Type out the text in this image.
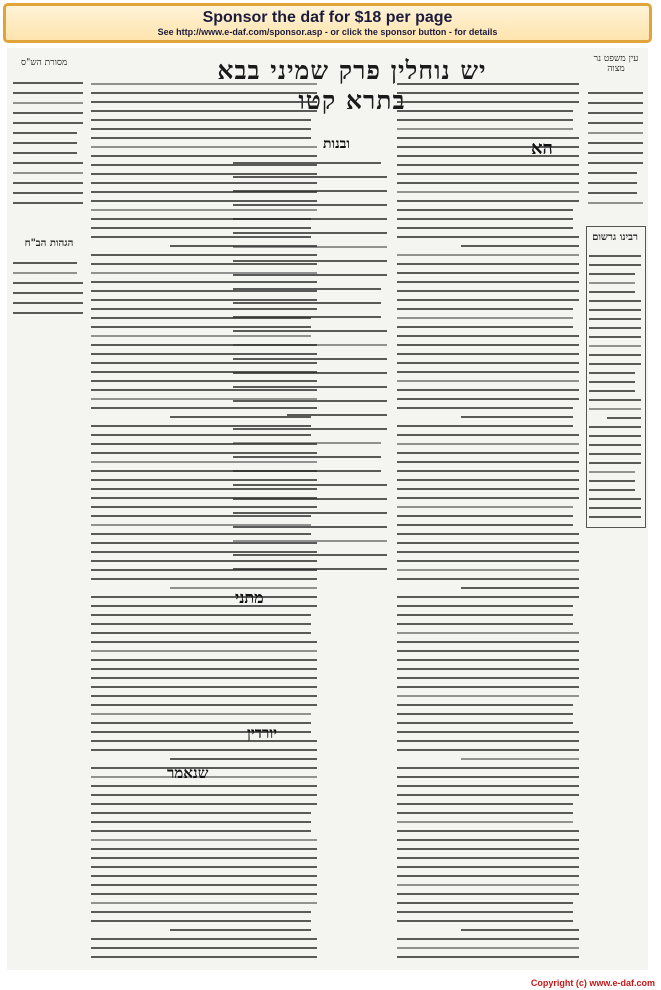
Sponsor the daf for $18 per page
See http://www.e-daf.com/sponsor.asp - or click the sponsor button - for details
מסורת הש"ס	יש נוחלין פרק שמיני בבא בתרא קטו
עין משפט נר מצוה
הגהות הב"ח
ובנות	הא
רבינו גרשום
מתני
יורדין
שנאמר
Copyright (c) www.e-daf.com
